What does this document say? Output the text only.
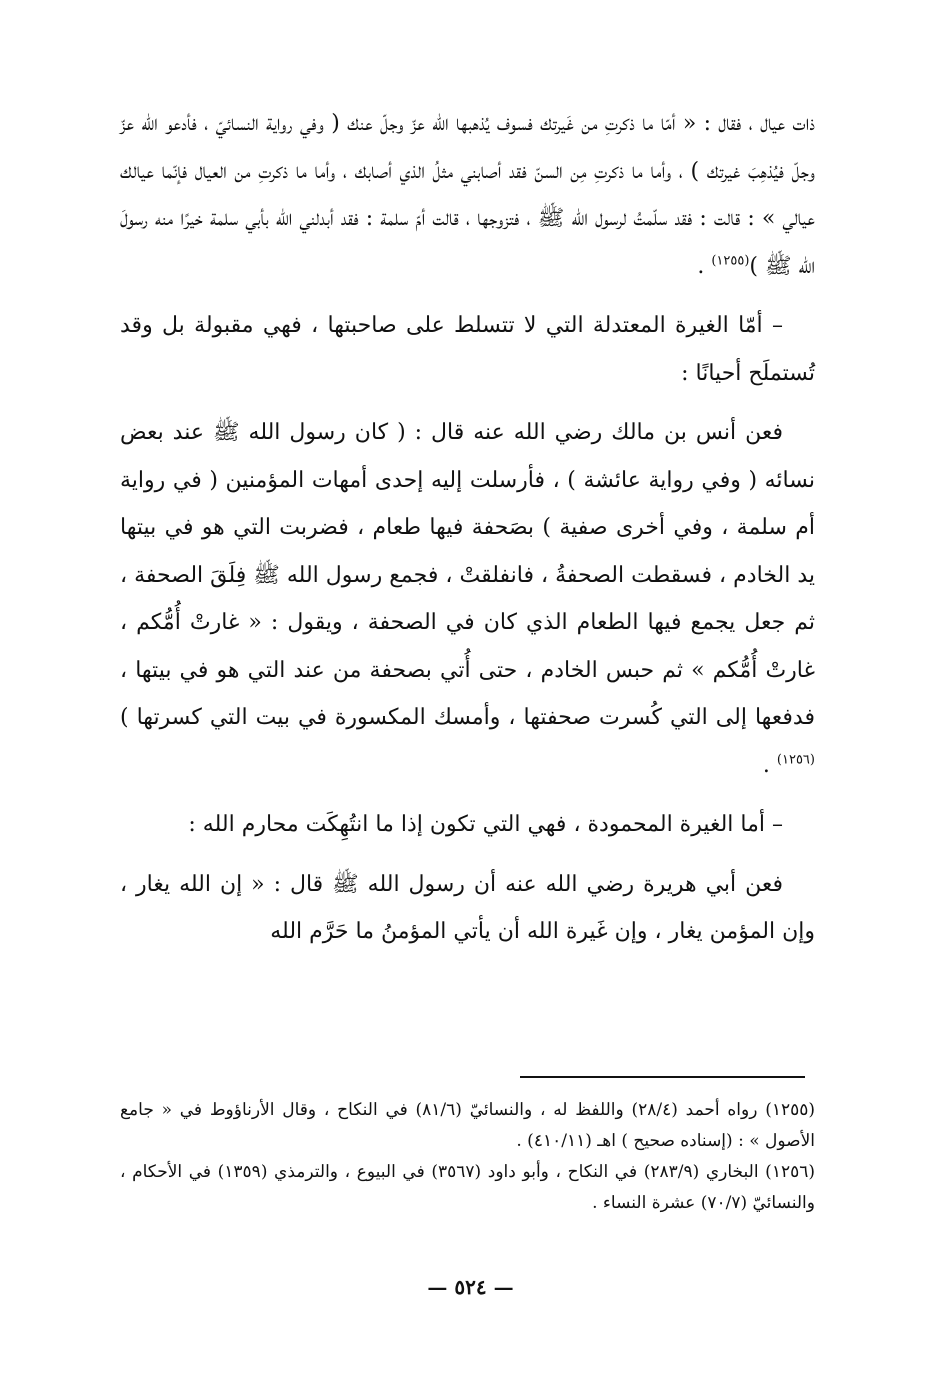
ذات عيال ، فقال : « أمّا ما ذكرتِ من غَيرتك فسوف يُذهبها الله عزّ وجلّ عنك ( وفي رواية النسائيّ ، فأدعو الله عزّ وجلّ فيُذهِبَ غيرتك ) ، وأما ما ذكرتِ مِن السنّ فقد أصابني مثلُ الذي أصابك ، وأما ما ذكرتِ من العيال فإنّما عيالك عيالي » : قالت : فقد سلّمتُ لرسول الله ﷺ ، فتزوجها ، قالت أمّ سلمة : فقد أبدلني الله بأبي سلمة خيرًا منه رسولَ الله ﷺ )$^{(١٢٥٥)}$ .

– أمّا الغيرة المعتدلة التي لا تتسلط على صاحبتها ، فهي مقبولة بل وقد تُستملَح أحيانًا :

فعن أنس بن مالك رضي الله عنه قال : ( كان رسول الله ﷺ عند بعض نسائه ( وفي رواية عائشة ) ، فأرسلت إليه إحدى أمهات المؤمنين ( في رواية أم سلمة ، وفي أخرى صفية ) بصَحفة فيها طعام ، فضربت التي هو في بيتها يد الخادم ، فسقطت الصحفةُ ، فانفلقتْ ، فجمع رسول الله ﷺ فِلَقَ الصحفة ، ثم جعل يجمع فيها الطعام الذي كان في الصحفة ، ويقول : « غارتْ أُمُّكم ، غارتْ أُمُّكم » ثم حبس الخادم ، حتى أُتي بصحفة من عند التي هو في بيتها ، فدفعها إلى التي كُسرت صحفتها ، وأمسك المكسورة في بيت التي كسرتها )$^{(١٢٥٦)}$ .

– أما الغيرة المحمودة ، فهي التي تكون إذا ما انتُهِكَت محارم الله :

فعن أبي هريرة رضي الله عنه أن رسول الله ﷺ قال : « إن الله يغار ، وإن المؤمن يغار ، وإن غَيرة الله أن يأتي المؤمنُ ما حَرَّم الله

(١٢٥٥) رواه أحمد (٢٨/٤) واللفظ له ، والنسائيّ (٨١/٦) في النكاح ، وقال الأرناؤوط في « جامع الأصول » : (إسناده صحيح ) اهـ (٤١٠/١١) .

(١٢٥٦) البخاري (٢٨٣/٩) في النكاح ، وأبو داود (٣٥٦٧) في البيوع ، والترمذي (١٣٥٩) في الأحكام ، والنسائيّ (٧٠/٧) عشرة النساء .

— ٥٢٤ —
